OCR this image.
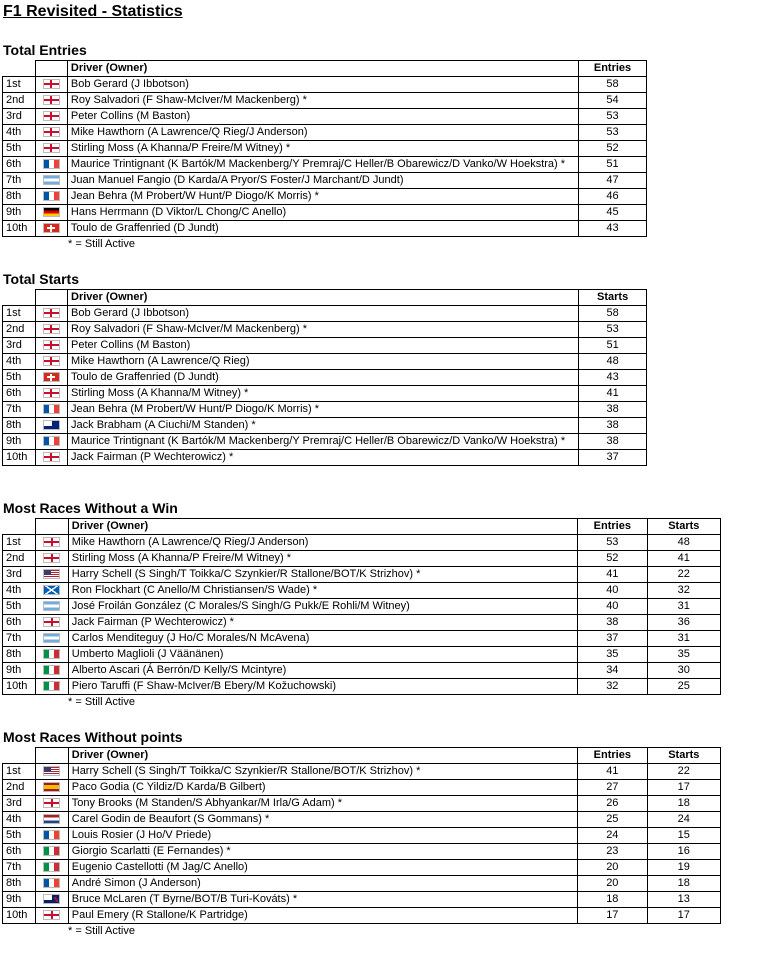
F1 Revisited - Statistics
Total Entries
		Driver (Owner)	Entries
1st		Bob Gerard (J Ibbotson)	58
2nd		Roy Salvadori (F Shaw-McIver/M Mackenberg) *	54
3rd		Peter Collins (M Baston)	53
4th		Mike Hawthorn (A Lawrence/Q Rieg/J Anderson)	53
5th		Stirling Moss (A Khanna/P Freire/M Witney) *	52
6th		Maurice Trintignant (K Bartók/M Mackenberg/Y Premraj/C Heller/B Obarewicz/D Vanko/W Hoekstra) *	51
7th		Juan Manuel Fangio (D Karda/A Pryor/S Foster/J Marchant/D Jundt)	47
8th		Jean Behra (M Probert/W Hunt/P Diogo/K Morris) *	46
9th		Hans Herrmann (D Viktor/L Chong/C Anello)	45
10th		Toulo de Graffenried (D Jundt)	43
* = Still Active
Total Starts
		Driver (Owner)	Starts
1st		Bob Gerard (J Ibbotson)	58
2nd		Roy Salvadori (F Shaw-McIver/M Mackenberg) *	53
3rd		Peter Collins (M Baston)	51
4th		Mike Hawthorn (A Lawrence/Q Rieg)	48
5th		Toulo de Graffenried (D Jundt)	43
6th		Stirling Moss (A Khanna/M Witney) *	41
7th		Jean Behra (M Probert/W Hunt/P Diogo/K Morris) *	38
8th		Jack Brabham (A Ciuchi/M Standen) *	38
9th		Maurice Trintignant (K Bartók/M Mackenberg/Y Premraj/C Heller/B Obarewicz/D Vanko/W Hoekstra) *	38
10th		Jack Fairman (P Wechterowicz) *	37
Most Races Without a Win
		Driver (Owner)	Entries	Starts
1st		Mike Hawthorn (A Lawrence/Q Rieg/J Anderson)	53	48
2nd		Stirling Moss (A Khanna/P Freire/M Witney) *	52	41
3rd		Harry Schell (S Singh/T Toikka/C Szynkier/R Stallone/BOT/K Strizhov) *	41	22
4th		Ron Flockhart (C Anello/M Christiansen/S Wade) *	40	32
5th		José Froilán González (C Morales/S Singh/G Pukk/E Rohli/M Witney)	40	31
6th		Jack Fairman (P Wechterowicz) *	38	36
7th		Carlos Menditeguy (J Ho/C Morales/N McAvena)	37	31
8th		Umberto Maglioli (J Väänänen)	35	35
9th		Alberto Ascari (Á Berrón/D Kelly/S Mcintyre)	34	30
10th		Piero Taruffi (F Shaw-McIver/B Ebery/M Kožuchowski)	32	25
* = Still Active
Most Races Without points
		Driver (Owner)	Entries	Starts
1st		Harry Schell (S Singh/T Toikka/C Szynkier/R Stallone/BOT/K Strizhov) *	41	22
2nd		Paco Godia (C Yildiz/D Karda/B Gilbert)	27	17
3rd		Tony Brooks (M Standen/S Abhyankar/M Irla/G Adam) *	26	18
4th		Carel Godin de Beaufort (S Gommans) *	25	24
5th		Louis Rosier (J Ho/V Priede)	24	15
6th		Giorgio Scarlatti (E Fernandes) *	23	16
7th		Eugenio Castellotti (M Jag/C Anello)	20	19
8th		André Simon (J Anderson)	20	18
9th		Bruce McLaren (T Byrne/BOT/B Turi-Kováts) *	18	13
10th		Paul Emery (R Stallone/K Partridge)	17	17
* = Still Active
